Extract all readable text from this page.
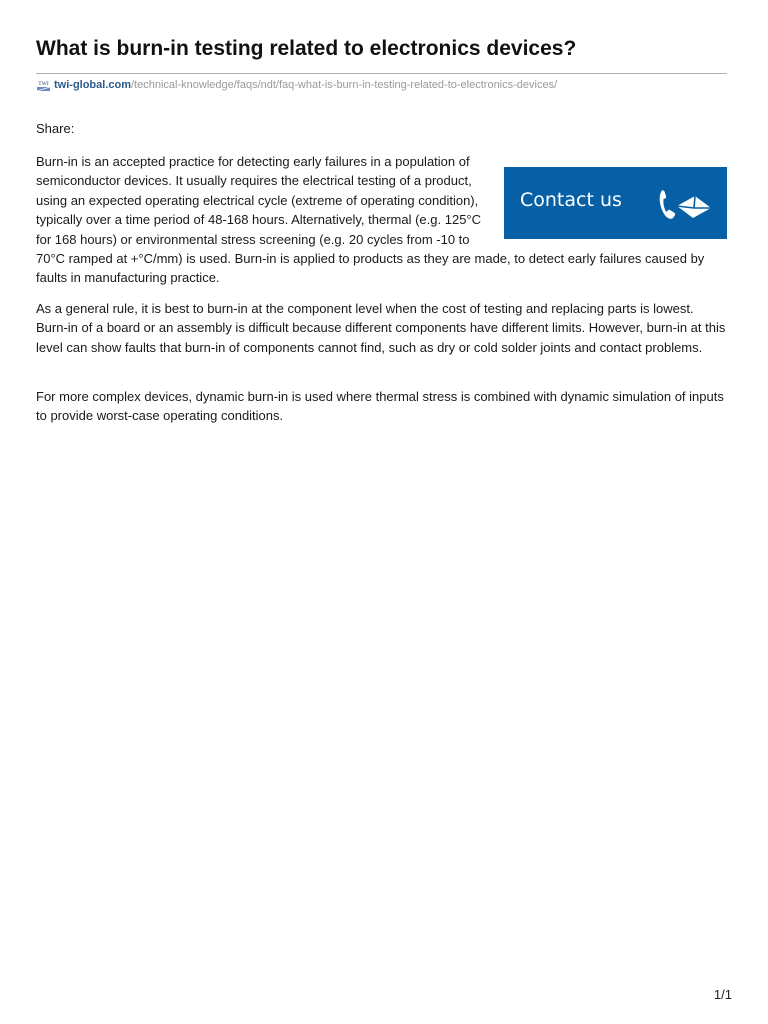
What is burn-in testing related to electronics devices?
TWI twi-global.com/technical-knowledge/faqs/ndt/faq-what-is-burn-in-testing-related-to-electronics-devices/
Share:
Contact us
Burn-in is an accepted practice for detecting early failures in a population of semiconductor devices. It usually requires the electrical testing of a product, using an expected operating electrical cycle (extreme of operating condition), typically over a time period of 48-168 hours. Alternatively, thermal (e.g. 125°C for 168 hours) or environmental stress screening (e.g. 20 cycles from -10 to 70°C ramped at +°C/mm) is used. Burn-in is applied to products as they are made, to detect early failures caused by faults in manufacturing practice.

As a general rule, it is best to burn-in at the component level when the cost of testing and replacing parts is lowest. Burn-in of a board or an assembly is difficult because different components have different limits. However, burn-in at this level can show faults that burn-in of components cannot find, such as dry or cold solder joints and contact problems.

For more complex devices, dynamic burn-in is used where thermal stress is combined with dynamic simulation of inputs to provide worst-case operating conditions.

1/1
